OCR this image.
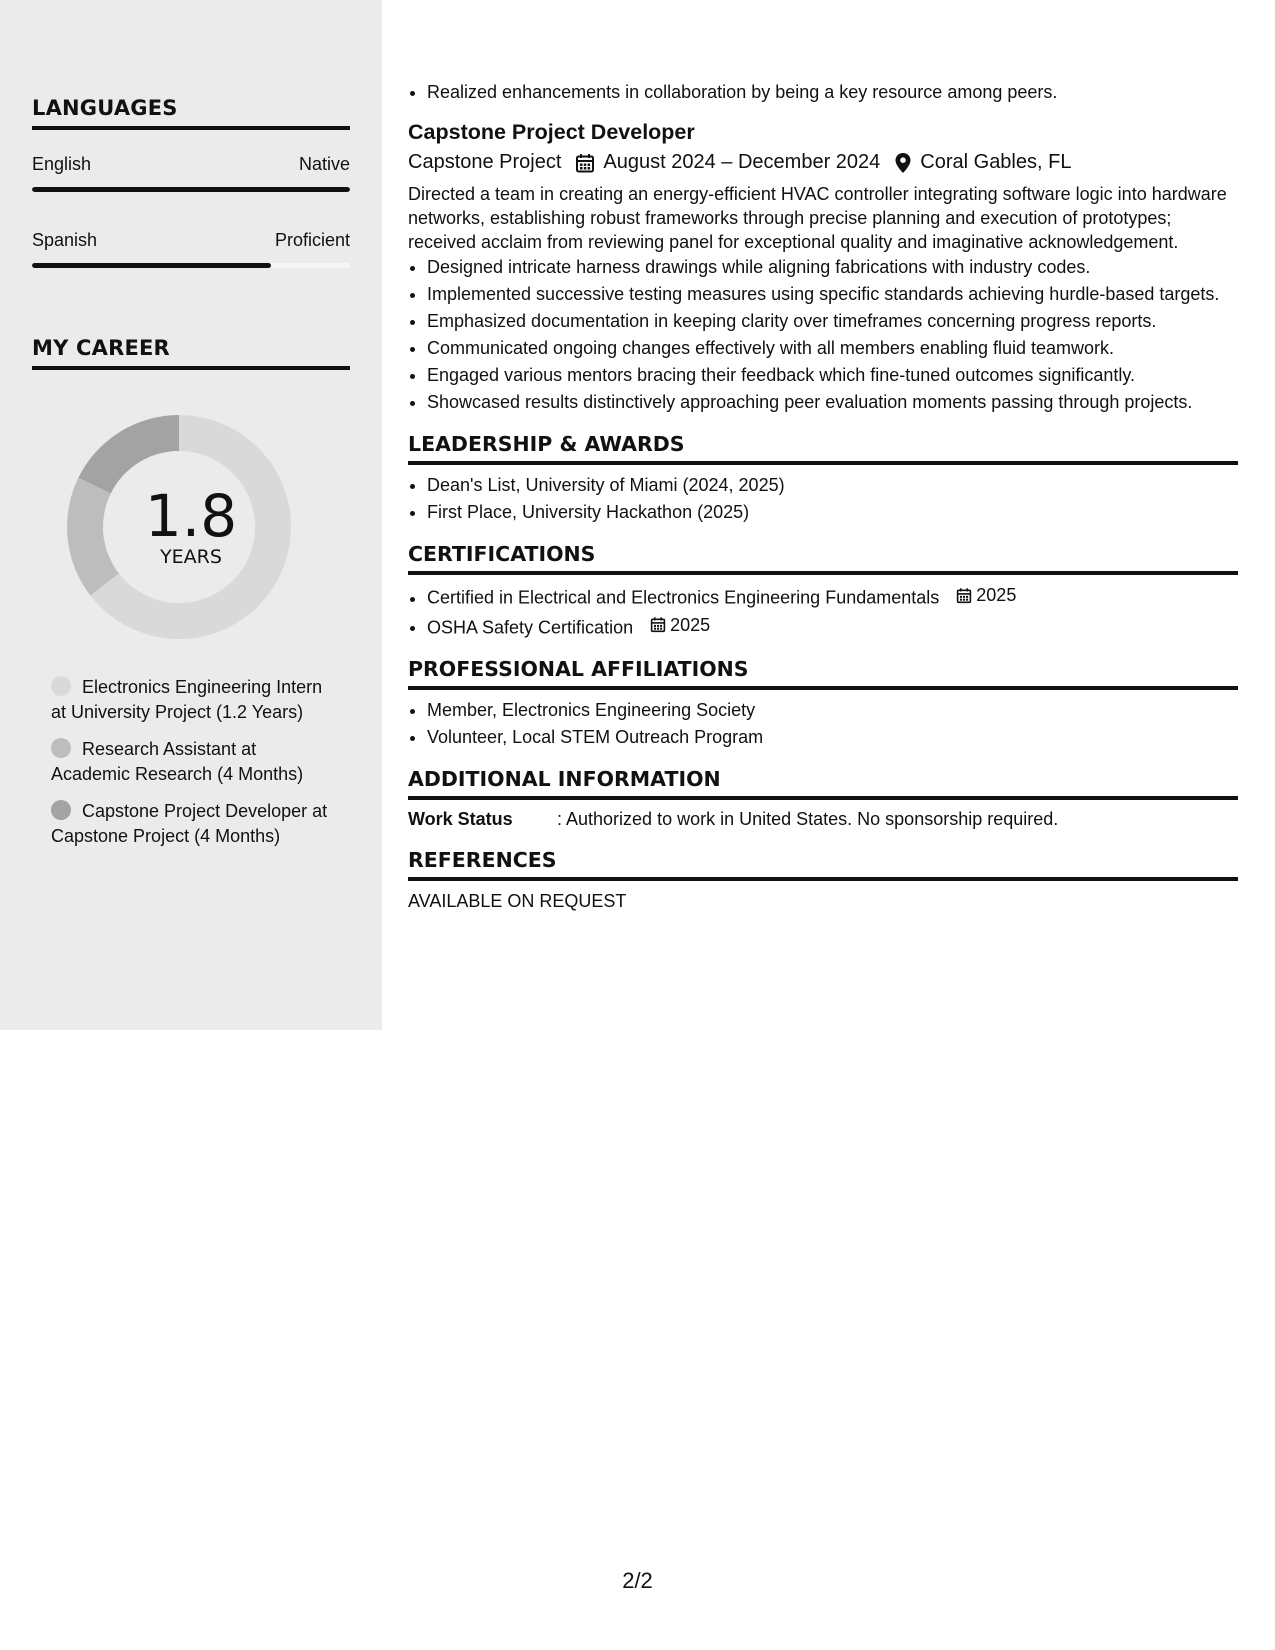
LANGUAGES
English	Native
Spanish	Proficient
MY CAREER
1.8
YEARS
Electronics Engineering Intern at University Project (1.2 Years)
Research Assistant at Academic Research (4 Months)
Capstone Project Developer at Capstone Project (4 Months)
• Realized enhancements in collaboration by being a key resource among peers.
Capstone Project Developer
Capstone Project August 2024 – December 2024 Coral Gables, FL

Directed a team in creating an energy-efficient HVAC controller integrating software logic into hardware networks, establishing robust frameworks through precise planning and execution of prototypes; received acclaim from reviewing panel for exceptional quality and imaginative acknowledgement.

• Designed intricate harness drawings while aligning fabrications with industry codes.
• Implemented successive testing measures using specific standards achieving hurdle-based targets.
• Emphasized documentation in keeping clarity over timeframes concerning progress reports.
• Communicated ongoing changes effectively with all members enabling fluid teamwork.
• Engaged various mentors bracing their feedback which fine-tuned outcomes significantly.
• Showcased results distinctively approaching peer evaluation moments passing through projects.
LEADERSHIP & AWARDS
• Dean's List, University of Miami (2024, 2025)
• First Place, University Hackathon (2025)
CERTIFICATIONS
• Certified in Electrical and Electronics Engineering Fundamentals 2025
• OSHA Safety Certification 2025
PROFESSIONAL AFFILIATIONS
• Member, Electronics Engineering Society
• Volunteer, Local STEM Outreach Program
ADDITIONAL INFORMATION
Work Status	: Authorized to work in United States. No sponsorship required.
REFERENCES
AVAILABLE ON REQUEST
2/2
